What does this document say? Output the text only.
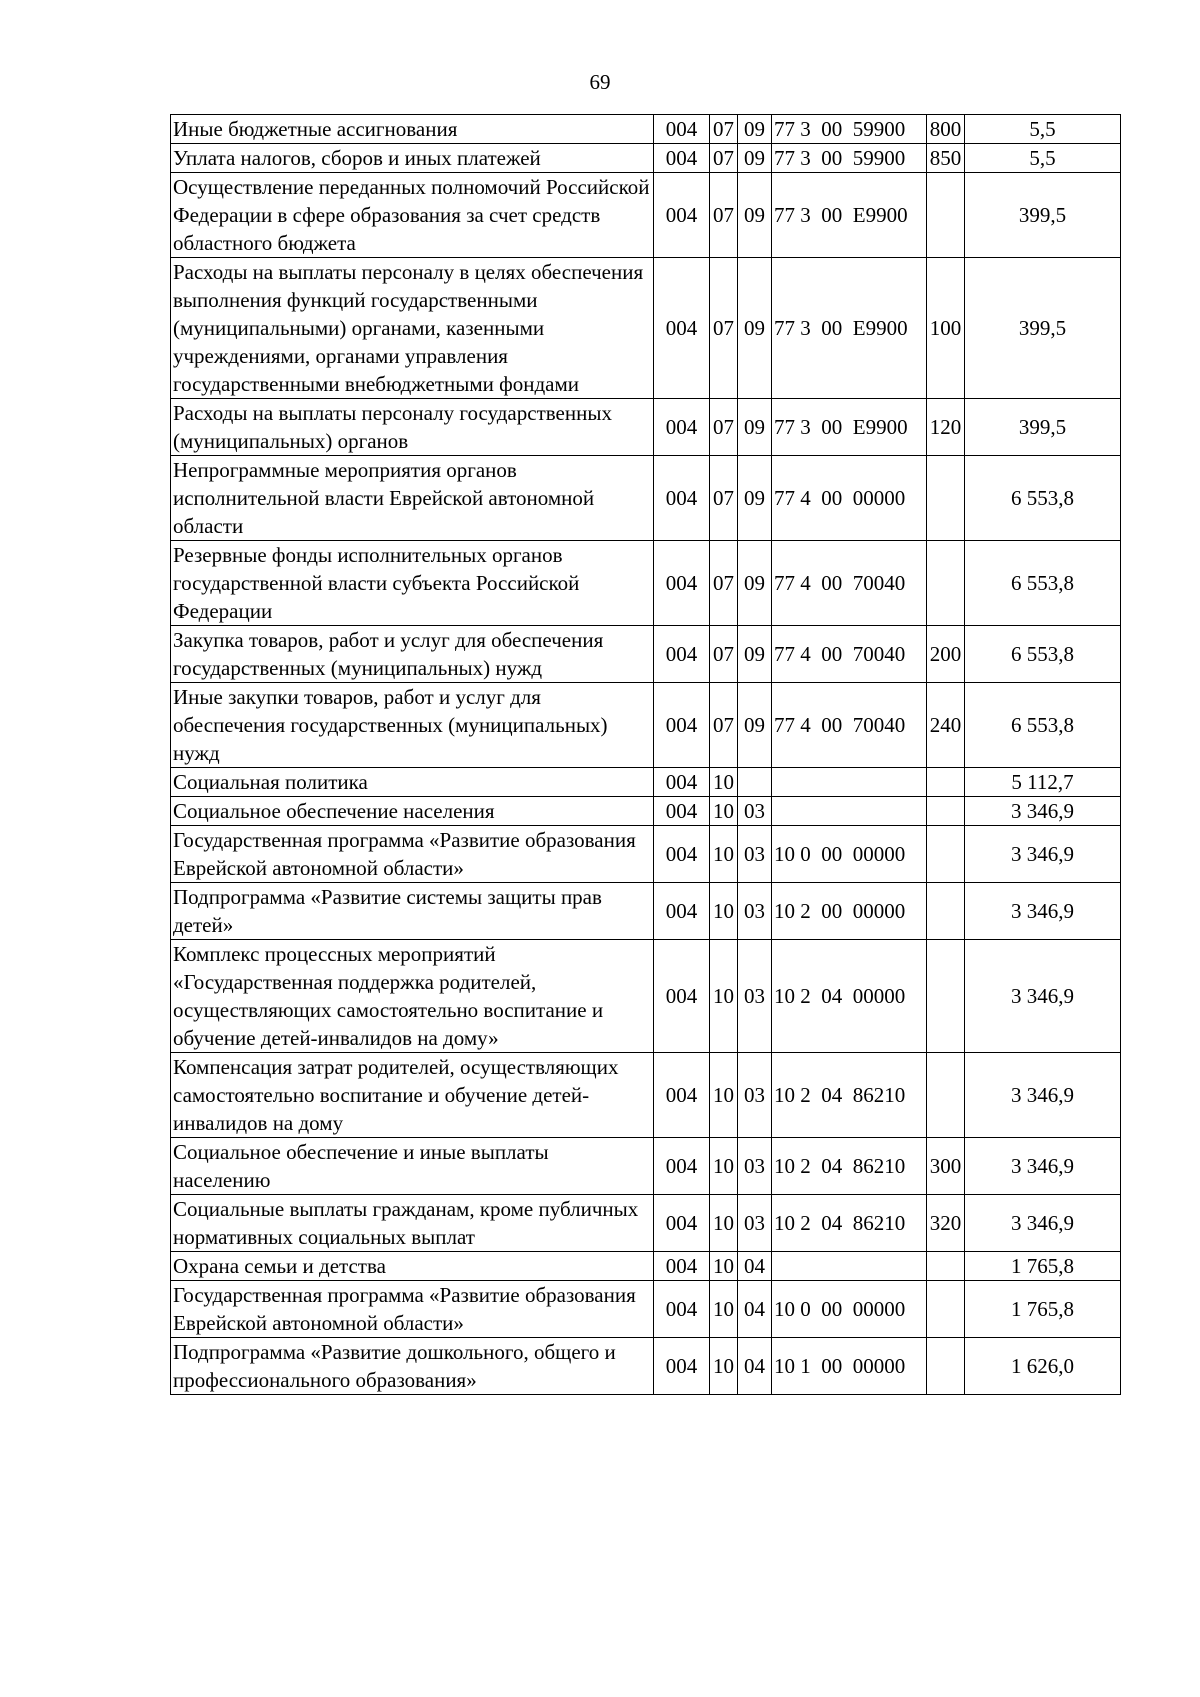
69
Иные бюджетные ассигнования	004	07	09	77 3  00  59900	800	5,5
Уплата налогов, сборов и иных платежей	004	07	09	77 3  00  59900	850	5,5
Осуществление переданных полномочий Российской Федерации в сфере образования за счет средств областного бюджета	004	07	09	77 3  00  E9900		399,5
Расходы на выплаты персоналу в целях обеспечения выполнения функций государственными (муниципальными) органами, казенными учреждениями, органами управления государственными внебюджетными фондами	004	07	09	77 3  00  E9900	100	399,5
Расходы на выплаты персоналу государственных (муниципальных) органов	004	07	09	77 3  00  E9900	120	399,5
Непрограммные мероприятия органов исполнительной власти Еврейской автономной области	004	07	09	77 4  00  00000		6 553,8
Резервные фонды исполнительных органов государственной власти субъекта Российской Федерации	004	07	09	77 4  00  70040		6 553,8
Закупка товаров, работ и услуг для обеспечения государственных (муниципальных) нужд	004	07	09	77 4  00  70040	200	6 553,8
Иные закупки товаров, работ и услуг для обеспечения государственных (муниципальных) нужд	004	07	09	77 4  00  70040	240	6 553,8
Социальная политика	004	10				5 112,7
Социальное обеспечение населения	004	10	03			3 346,9
Государственная программа «Развитие образования Еврейской автономной области»	004	10	03	10 0  00  00000		3 346,9
Подпрограмма «Развитие системы защиты прав детей»	004	10	03	10 2  00  00000		3 346,9
Комплекс процессных мероприятий «Государственная поддержка родителей, осуществляющих самостоятельно воспитание и обучение детей-инвалидов на дому»	004	10	03	10 2  04  00000		3 346,9
Компенсация затрат родителей, осуществляющих самостоятельно воспитание и обучение детей-инвалидов на дому	004	10	03	10 2  04  86210		3 346,9
Социальное обеспечение и иные выплаты населению	004	10	03	10 2  04  86210	300	3 346,9
Социальные выплаты гражданам, кроме публичных нормативных социальных выплат	004	10	03	10 2  04  86210	320	3 346,9
Охрана семьи и детства	004	10	04			1 765,8
Государственная программа «Развитие образования Еврейской автономной области»	004	10	04	10 0  00  00000		1 765,8
Подпрограмма «Развитие дошкольного, общего и профессионального образования»	004	10	04	10 1  00  00000		1 626,0
